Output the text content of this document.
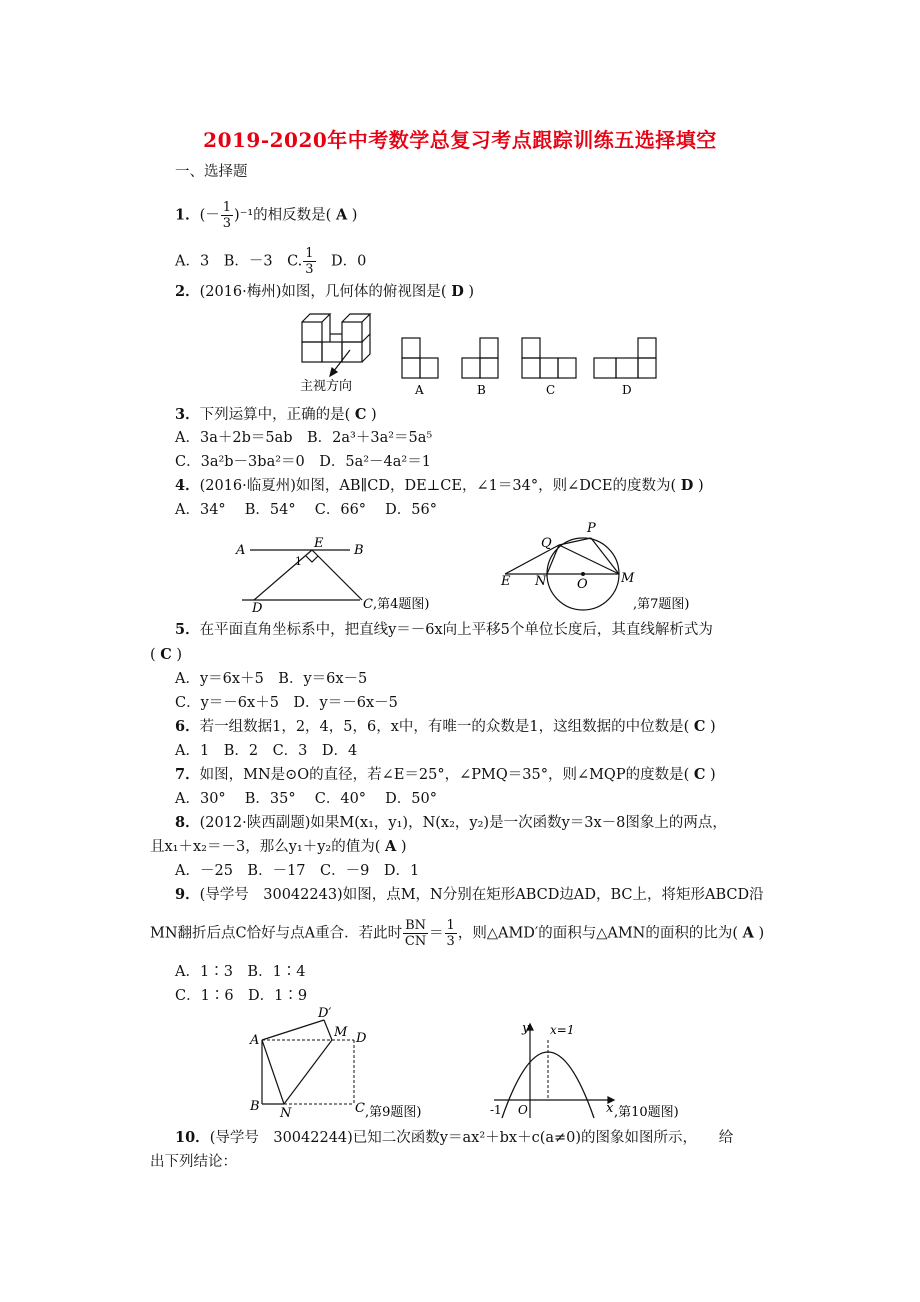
2019-2020年中考数学总复习考点跟踪训练五选择填空
一、选择题
1．(－ $\frac{1}{3} )^{-1}$的相反数是( A )
A．3　B．－3　C. $\frac{1}{3}$ 　D．0
2．(2016·梅州)如图，几何体的俯视图是( D )
主视方向	A	B	C	D
3．下列运算中，正确的是( C )
A．3a＋2b＝5ab　B．2a³＋3a²＝5a⁵
C．3a²b－3ba²＝0　D．5a²－4a²＝1
4．(2016·临夏州)如图，AB∥CD，DE⊥CE，∠1＝34°，则∠DCE的度数为( D )
A．34°　 B．54°　 C．66°　 D．56°
A	E B
1
D	C ,第4题图)
P
Q
E N O	M
,第7题图)
5．在平面直角坐标系中，把直线y＝－6x向上平移5个单位长度后，其直线解析式为
( C )
A．y＝6x＋5　B．y＝6x－5
C．y＝－6x＋5　D．y＝－6x－5
6．若一组数据1，2，4，5，6，x中，有唯一的众数是1，这组数据的中位数是( C )
A．1　B．2　C．3　D．4
7．如图，MN是⊙O的直径，若∠E＝25°，∠PMQ＝35°，则∠MQP的度数是( C )
A．30°　 B．35°　 C．40°　 D．50°
8．(2012·陕西副题)如果M(x₁，y₁)，N(x₂，y₂)是一次函数y＝3x－8图象上的两点，
且x₁＋x₂＝－3，那么y₁＋y₂的值为( A )
A．－25　B．－17　C．－9　D．1
9．(导学号　30042243)如图，点M，N分别在矩形ABCD边AD，BC上，将矩形ABCD沿
MN翻折后点C恰好与点A重合．若此时 $\frac{BN}{CN} = \frac{1}{3}$ ，则△AMD′的面积与△AMN的面积的比为( A )
A．1∶3　B．1∶4
C．1∶6　D．1∶9
A
D′
M D
B N	C ,第9题图)
y x=1
-1 O	x ,第10题图)
10．(导学号　30042244)已知二次函数y＝ax²＋bx＋c(a≠0)的图象如图所示，　　给
出下列结论：
